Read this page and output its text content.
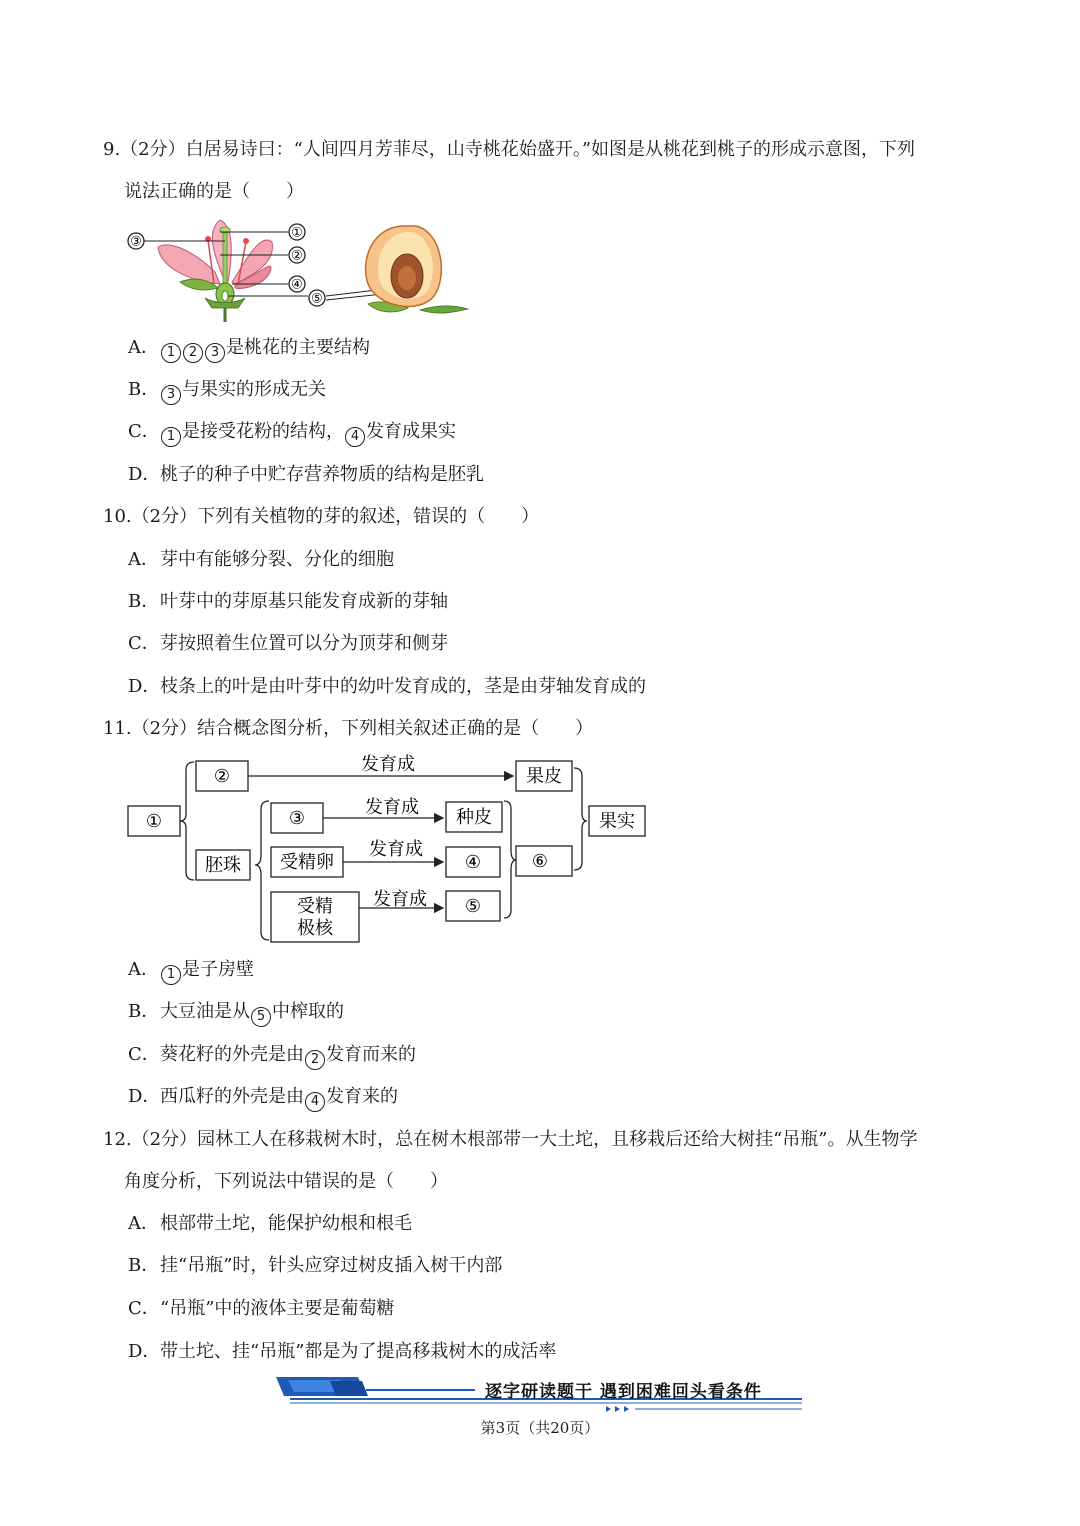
9.（2分）白居易诗曰：“人间四月芳菲尽，山寺桃花始盛开。”如图是从桃花到桃子的形成示意图，下列
说法正确的是（　　）
③
①
②
④
⑤
A． 1 2 3 是桃花的主要结构
B． 3 与果实的形成无关
C． 1 是接受花粉的结构， 4 发育成果实
D．桃子的种子中贮存营养物质的结构是胚乳
10.（2分）下列有关植物的芽的叙述，错误的（　　）
A．芽中有能够分裂、分化的细胞
B．叶芽中的芽原基只能发育成新的芽轴
C．芽按照着生位置可以分为顶芽和侧芽
D．枝条上的叶是由叶芽中的幼叶发育成的，茎是由芽轴发育成的
11.（2分）结合概念图分析，下列相关叙述正确的是（　　）
①
②	果皮
胚珠
③	种皮
受精卵	④
受精
极核
⑤
⑥
果实
发育成
发育成
发育成
发育成
A． 1 是子房壁
B．大豆油是从 5 中榨取的
C．葵花籽的外壳是由 2 发育而来的
D．西瓜籽的外壳是由 4 发育来的
12.（2分）园林工人在移栽树木时，总在树木根部带一大土坨，且移栽后还给大树挂“吊瓶”。从生物学
角度分析，下列说法中错误的是（　　）
A．根部带土坨，能保护幼根和根毛
B．挂“吊瓶”时，针头应穿过树皮插入树干内部
C．“吊瓶”中的液体主要是葡萄糖
D．带土坨、挂“吊瓶”都是为了提高移栽树木的成活率
逐字研读题干 遇到困难回头看条件
第3页（共20页）
